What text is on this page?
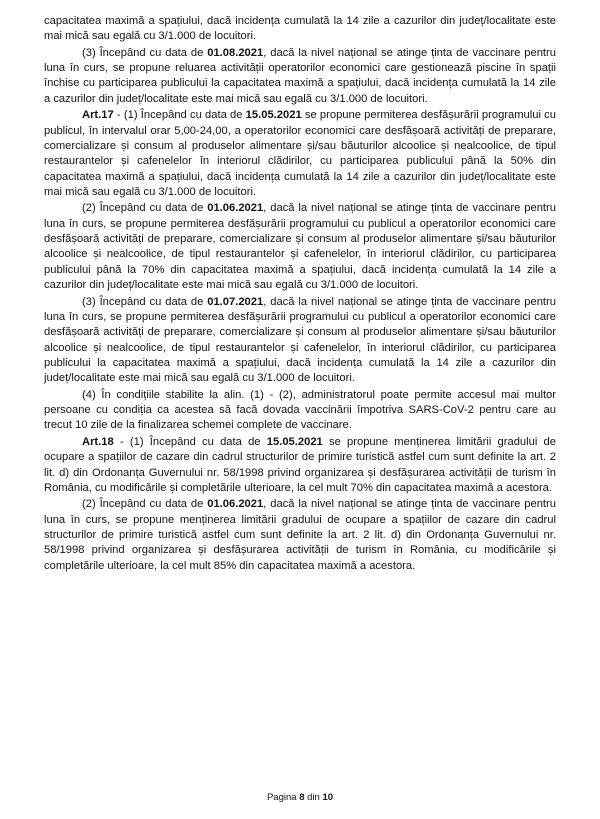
capacitatea maximă a spațiului, dacă incidența cumulată la 14 zile a cazurilor din județ/localitate este mai mică sau egală cu 3/1.000 de locuitori.

(3) Începând cu data de 01.08.2021, dacă la nivel național se atinge ținta de vaccinare pentru luna în curs, se propune reluarea activității operatorilor economici care gestionează piscine în spații închise cu participarea publicului la capacitatea maximă a spațiului, dacă incidența cumulată la 14 zile a cazurilor din județ/localitate este mai mică sau egală cu 3/1.000 de locuitori.

Art.17 - (1) Începând cu data de 15.05.2021 se propune permiterea desfășurării programului cu publicul, în intervalul orar 5,00-24,00, a operatorilor economici care desfășoară activități de preparare, comercializare și consum al produselor alimentare și/sau băuturilor alcoolice și nealcoolice, de tipul restaurantelor și cafenelelor în interiorul clădirilor, cu participarea publicului până la 50% din capacitatea maximă a spațiului, dacă incidența cumulată la 14 zile a cazurilor din județ/localitate este mai mică sau egală cu 3/1.000 de locuitori.

(2) Începând cu data de 01.06.2021, dacă la nivel național se atinge ținta de vaccinare pentru luna în curs, se propune permiterea desfășurării programului cu publicul a operatorilor economici care desfășoară activități de preparare, comercializare și consum al produselor alimentare și/sau băuturilor alcoolice și nealcoolice, de tipul restaurantelor și cafenelelor, în interiorul clădirilor, cu participarea publicului până la 70% din capacitatea maximă a spațiului, dacă incidența cumulată la 14 zile a cazurilor din județ/localitate este mai mică sau egală cu 3/1.000 de locuitori.

(3) Începând cu data de 01.07.2021, dacă la nivel național se atinge ținta de vaccinare pentru luna în curs, se propune permiterea desfășurării programului cu publicul a operatorilor economici care desfășoară activități de preparare, comercializare și consum al produselor alimentare și/sau băuturilor alcoolice și nealcoolice, de tipul restaurantelor și cafenelelor, în interiorul clădirilor, cu participarea publicului la capacitatea maximă a spațiului, dacă incidența cumulată la 14 zile a cazurilor din județ/localitate este mai mică sau egală cu 3/1.000 de locuitori.

(4) În condițiile stabilite la alin. (1) - (2), administratorul poate permite accesul mai multor persoane cu condiția ca acestea să facă dovada vaccinării împotriva SARS-CoV-2 pentru care au trecut 10 zile de la finalizarea schemei complete de vaccinare.

Art.18 - (1) Începând cu data de 15.05.2021 se propune menținerea limitării gradului de ocupare a spațiilor de cazare din cadrul structurilor de primire turistică astfel cum sunt definite la art. 2 lit. d) din Ordonanța Guvernului nr. 58/1998 privind organizarea și desfășurarea activității de turism în România, cu modificările și completările ulterioare, la cel mult 70% din capacitatea maximă a acestora.

(2) Începând cu data de 01.06.2021, dacă la nivel național se atinge ținta de vaccinare pentru luna în curs, se propune menținerea limitării gradului de ocupare a spațiilor de cazare din cadrul structurilor de primire turistică astfel cum sunt definite la art. 2 lit. d) din Ordonanța Guvernului nr. 58/1998 privind organizarea și desfășurarea activității de turism în România, cu modificările și completările ulterioare, la cel mult 85% din capacitatea maximă a acestora.

Pagina 8 din 10
